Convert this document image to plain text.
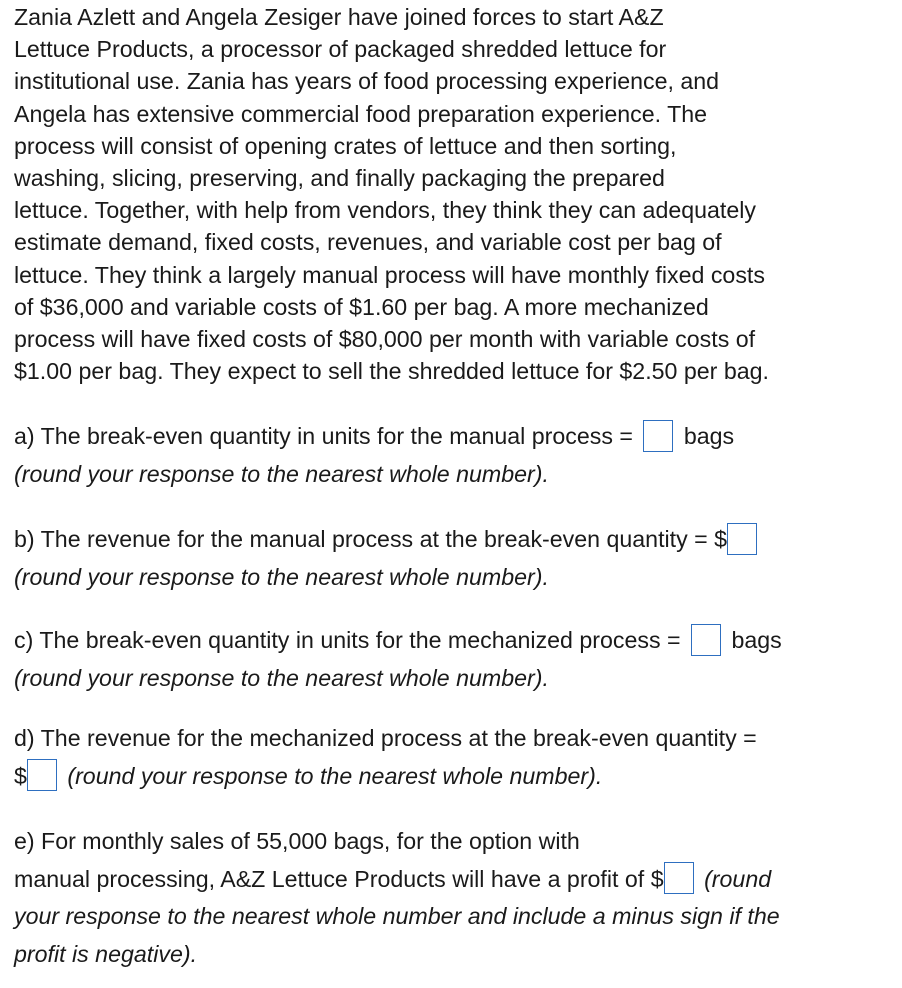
Zania Azlett and Angela Zesiger have joined forces to start A&Z
Lettuce Products, a processor of packaged shredded lettuce for
institutional use. Zania has years of food processing experience, and
Angela has extensive commercial food preparation experience. The
process will consist of opening crates of lettuce and then sorting,
washing, slicing, preserving, and finally packaging the prepared
lettuce. Together, with help from vendors, they think they can adequately
estimate demand, fixed costs, revenues, and variable cost per bag of
lettuce. They think a largely manual process will have monthly fixed costs
of $36,000 and variable costs of $1.60 per bag. A more mechanized
process will have fixed costs of $80,000 per month with variable costs of
$1.00 per bag. They expect to sell the shredded lettuce for $2.50 per bag.

a) The break-even quantity in units for the manual process = bags
(round your response to the nearest whole number).
b) The revenue for the manual process at the break-even quantity = $
(round your response to the nearest whole number).
c) The break-even quantity in units for the mechanized process = bags
(round your response to the nearest whole number).
d) The revenue for the mechanized process at the break-even quantity =
$ (round your response to the nearest whole number).
e) For monthly sales of 55,000 bags, for the option with
manual processing, A&Z Lettuce Products will have a profit of $ (round
your response to the nearest whole number and include a minus sign if the
profit is negative).
